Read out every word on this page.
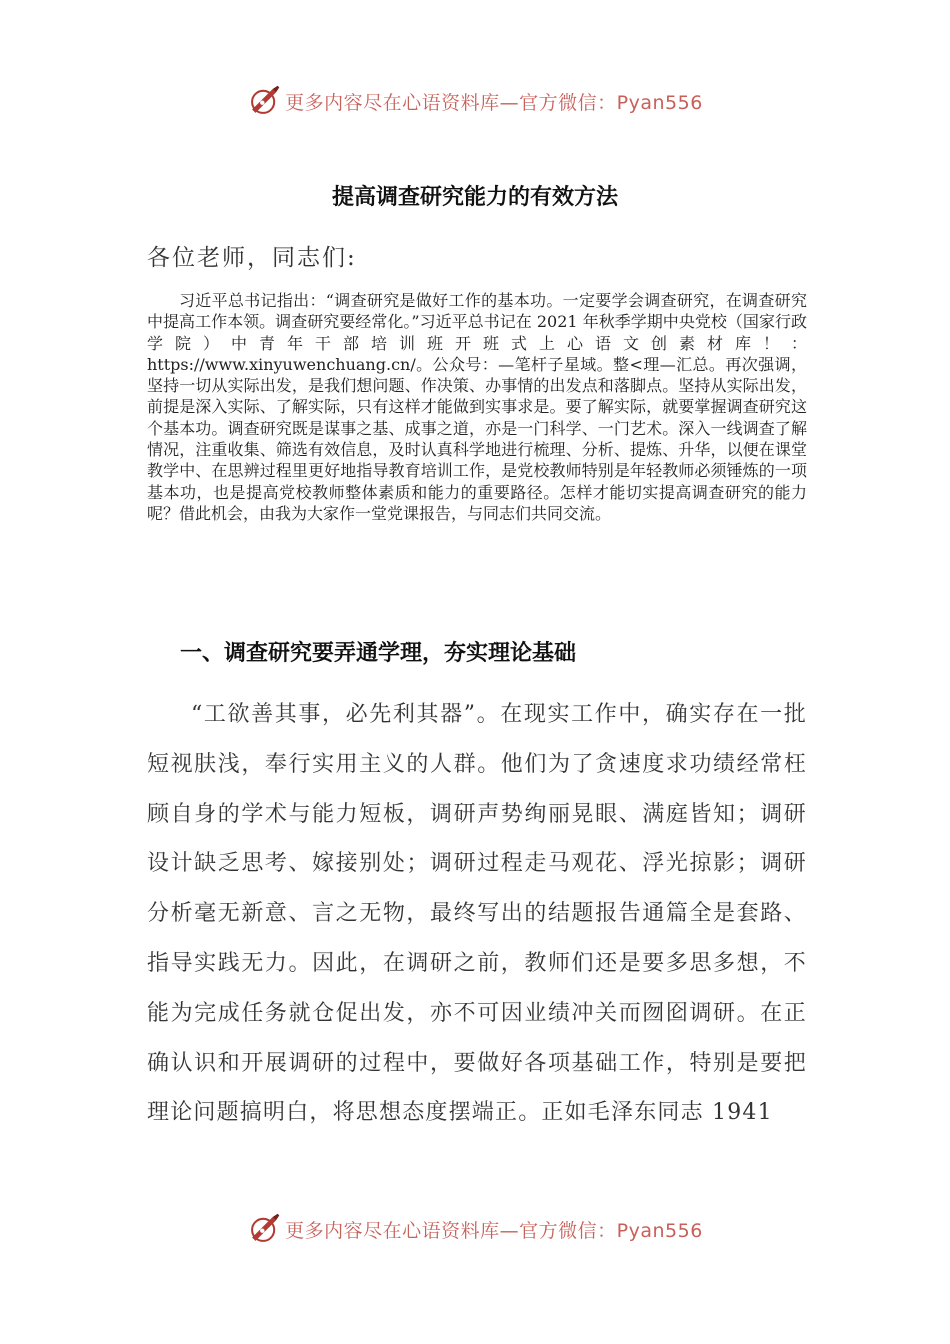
更多内容尽在心语资料库—官方微信：Pyan556
提高调查研究能力的有效方法

各位老师，同志们:

习近平总书记指出：“调查研究是做好工作的基本功。一定要学会调查研究，在调查研究中提高工作本领。调查研究要经常化。”习近平总书记在 2021 年秋季学期中央党校（国家行政学院）中青年干部培训班开班式上心语文创素材库！：https://www.xinyuwenchuang.cn/。公众号：—笔杆子星域。整<理—汇总。再次强调，坚持一切从实际出发，是我们想问题、作决策、办事情的出发点和落脚点。坚持从实际出发，前提是深入实际、了解实际，只有这样才能做到实事求是。要了解实际，就要掌握调查研究这个基本功。调查研究既是谋事之基、成事之道，亦是一门科学、一门艺术。深入一线调查了解情况，注重收集、筛选有效信息，及时认真科学地进行梳理、分析、提炼、升华，以便在课堂教学中、在思辨过程里更好地指导教育培训工作，是党校教师特别是年轻教师必须锤炼的一项基本功，也是提高党校教师整体素质和能力的重要路径。怎样才能切实提高调查研究的能力呢？借此机会，由我为大家作一堂党课报告，与同志们共同交流。

一、调查研究要弄通学理，夯实理论基础

“工欲善其事，必先利其器”。在现实工作中，确实存在一批短视肤浅，奉行实用主义的人群。他们为了贪速度求功绩经常枉顾自身的学术与能力短板，调研声势绚丽晃眼、满庭皆知；调研设计缺乏思考、嫁接别处；调研过程走马观花、浮光掠影；调研分析毫无新意、言之无物，最终写出的结题报告通篇全是套路、指导实践无力。因此，在调研之前，教师们还是要多思多想，不能为完成任务就仓促出发，亦不可因业绩冲关而囫囵调研。在正确认识和开展调研的过程中，要做好各项基础工作，特别是要把理论问题搞明白，将思想态度摆端正。正如毛泽东同志 1941

更多内容尽在心语资料库—官方微信：Pyan556
